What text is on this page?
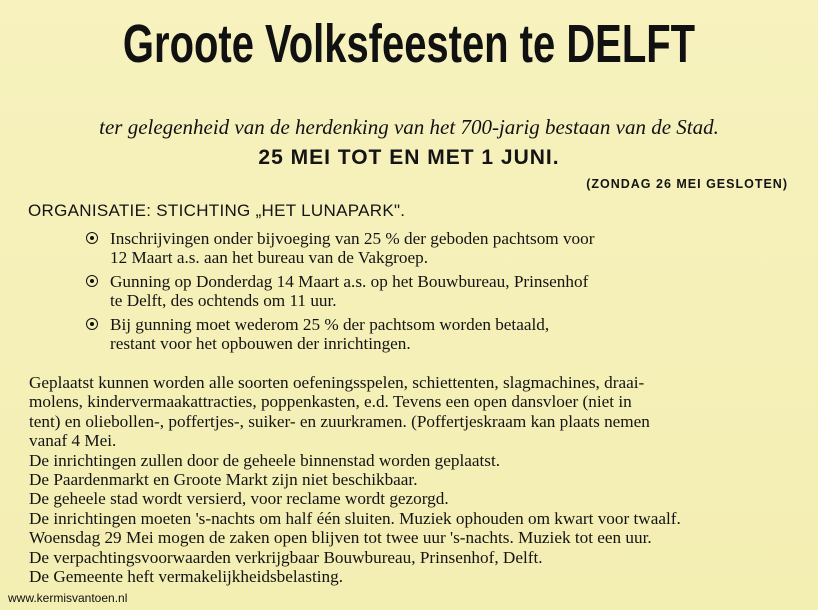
Groote Volksfeesten te DELFT
ter gelegenheid van de herdenking van het 700-jarig bestaan van de Stad.
25 MEI TOT EN MET 1 JUNI.
(ZONDAG 26 MEI GESLOTEN)
ORGANISATIE: STICHTING „HET LUNAPARK".
Inschrijvingen onder bijvoeging van 25 % der geboden pachtsom voor
12 Maart a.s. aan het bureau van de Vakgroep.
Gunning op Donderdag 14 Maart a.s. op het Bouwbureau, Prinsenhof
te Delft, des ochtends om 11 uur.
Bij gunning moet wederom 25 % der pachtsom worden betaald,
restant voor het opbouwen der inrichtingen.

Geplaatst kunnen worden alle soorten oefeningsspelen, schiettenten, slagmachines, draai-

molens, kindervermaakattracties, poppenkasten, e.d. Tevens een open dansvloer (niet in

tent) en oliebollen-, poffertjes-, suiker- en zuurkramen. (Poffertjeskraam kan plaats nemen

vanaf 4 Mei.

De inrichtingen zullen door de geheele binnenstad worden geplaatst.

De Paardenmarkt en Groote Markt zijn niet beschikbaar.

De geheele stad wordt versierd, voor reclame wordt gezorgd.

De inrichtingen moeten 's-nachts om half één sluiten. Muziek ophouden om kwart voor twaalf.

Woensdag 29 Mei mogen de zaken open blijven tot twee uur 's-nachts. Muziek tot een uur.

De verpachtingsvoorwaarden verkrijgbaar Bouwbureau, Prinsenhof, Delft.

De Gemeente heft vermakelijkheidsbelasting.

www.kermisvantoen.nl
